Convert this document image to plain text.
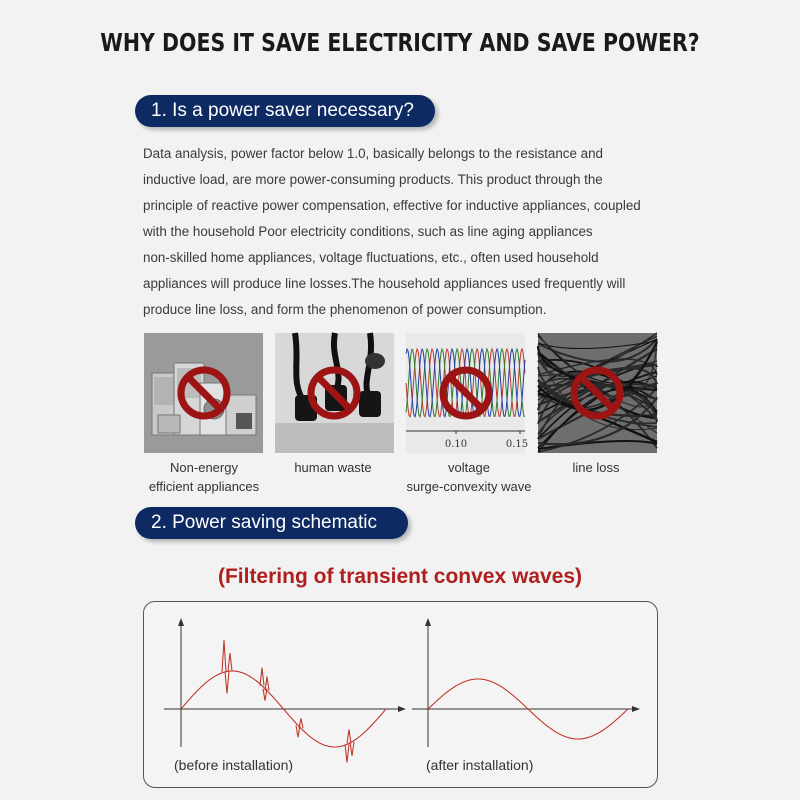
WHY DOES IT SAVE ELECTRICITY AND SAVE POWER?
1. Is a power saver necessary?
Data analysis, power factor below 1.0, basically belongs to the resistance and
inductive load, are more power-consuming products. This product through the
principle of reactive power compensation, effective for inductive appliances, coupled
with the household Poor electricity conditions, such as line aging appliances
non-skilled home appliances, voltage fluctuations, etc., often used household
appliances will produce line losses.The household appliances used frequently will
produce line loss, and form the phenomenon of power consumption.
0.10	0.15
Non-energy
efficient appliances
human waste	voltage
surge-convexity wave
line loss
2. Power saving schematic
(Filtering of transient convex waves)
(before installation)	(after installation)
